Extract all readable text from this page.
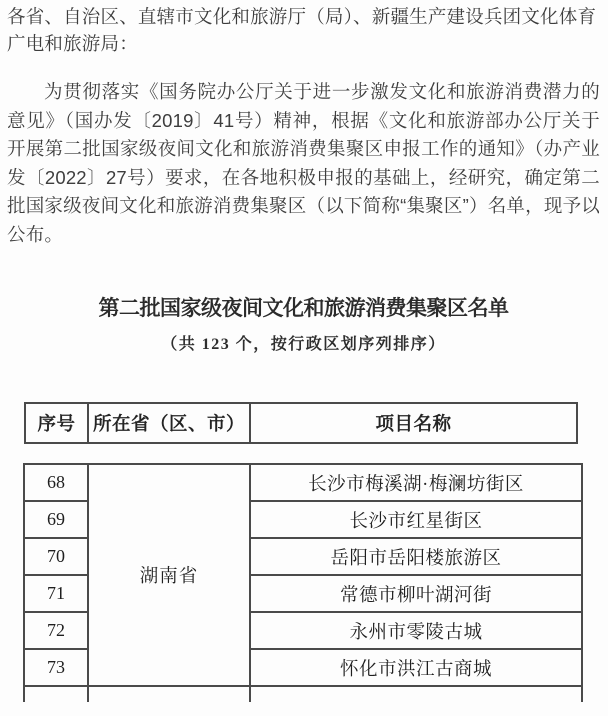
各省、自治区、直辖市文化和旅游厅（局）、新疆生产建设兵团文化体育广电和旅游局：
为贯彻落实《国务院办公厅关于进一步激发文化和旅游消费潜力的意见》（国办发〔2019〕41号）精神，根据《文化和旅游部办公厅关于开展第二批国家级夜间文化和旅游消费集聚区申报工作的通知》（办产业发〔2022〕27号）要求，在各地积极申报的基础上，经研究，确定第二批国家级夜间文化和旅游消费集聚区（以下简称“集聚区”）名单，现予以公布。
第二批国家级夜间文化和旅游消费集聚区名单
（共 123 个，按行政区划序列排序）
序号	所在省（区、市）	项目名称
68	湖南省	长沙市梅溪湖·梅澜坊街区
69		长沙市红星街区
70		岳阳市岳阳楼旅游区
71		常德市柳叶湖河街
72		永州市零陵古城
73		怀化市洪江古商城
